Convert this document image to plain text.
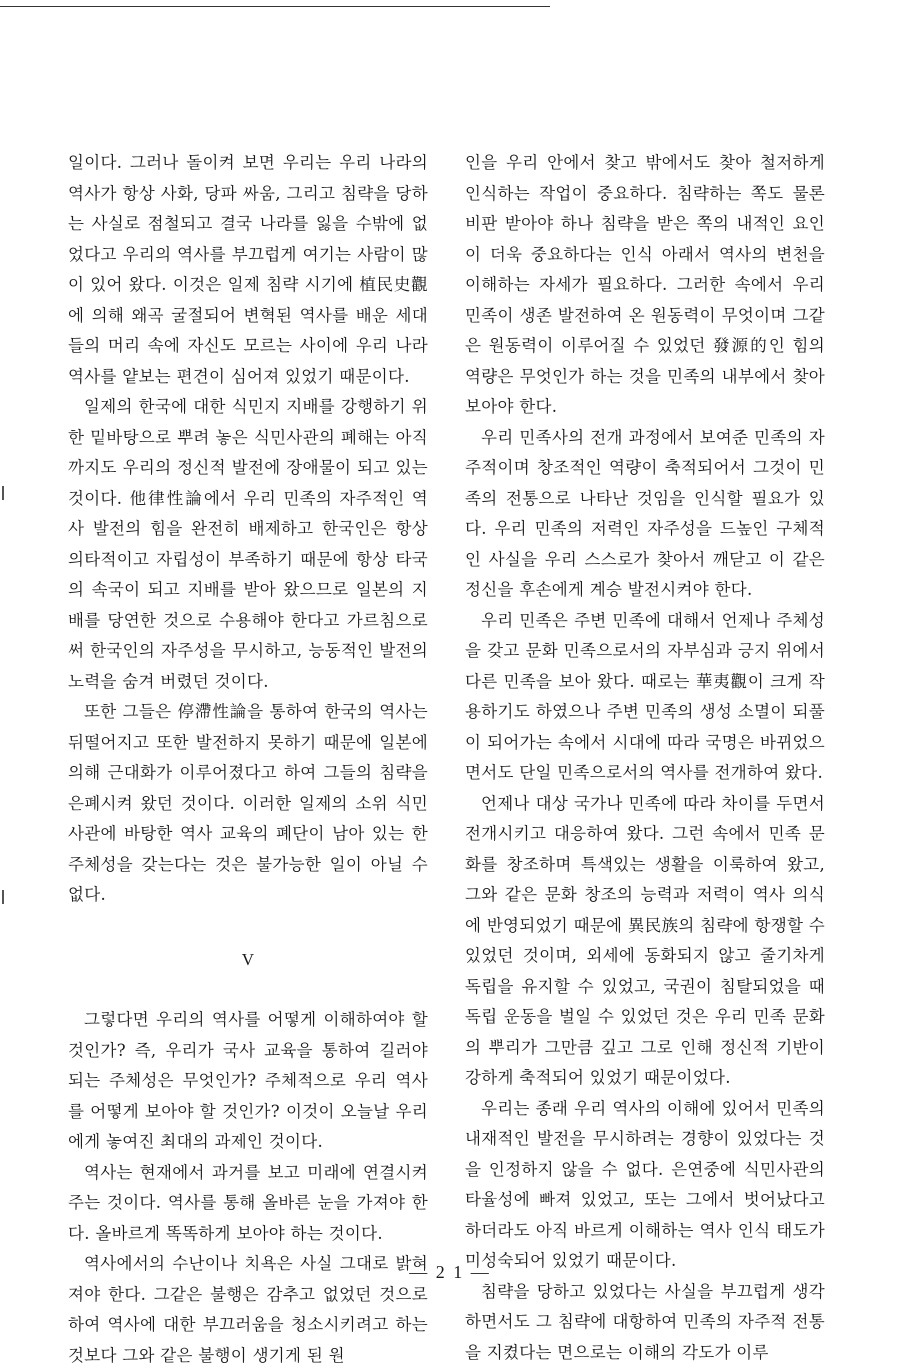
일이다. 그러나 돌이켜 보면 우리는 우리 나라의 역사가 항상 사화, 당파 싸움, 그리고 침략을 당하는 사실로 점철되고 결국 나라를 잃을 수밖에 없었다고 우리의 역사를 부끄럽게 여기는 사람이 많이 있어 왔다. 이것은 일제 침략 시기에 植民史觀에 의해 왜곡 굴절되어 변혁된 역사를 배운 세대들의 머리 속에 자신도 모르는 사이에 우리 나라 역사를 얕보는 편견이 심어져 있었기 때문이다.

일제의 한국에 대한 식민지 지배를 강행하기 위한 밑바탕으로 뿌려 놓은 식민사관의 폐해는 아직까지도 우리의 정신적 발전에 장애물이 되고 있는 것이다. 他律性論에서 우리 민족의 자주적인 역사 발전의 힘을 완전히 배제하고 한국인은 항상 의타적이고 자립성이 부족하기 때문에 항상 타국의 속국이 되고 지배를 받아 왔으므로 일본의 지배를 당연한 것으로 수용해야 한다고 가르침으로써 한국인의 자주성을 무시하고, 능동적인 발전의 노력을 숨겨 버렸던 것이다.

또한 그들은 停滯性論을 통하여 한국의 역사는 뒤떨어지고 또한 발전하지 못하기 때문에 일본에 의해 근대화가 이루어졌다고 하여 그들의 침략을 은폐시켜 왔던 것이다. 이러한 일제의 소위 식민사관에 바탕한 역사 교육의 폐단이 남아 있는 한 주체성을 갖는다는 것은 불가능한 일이 아닐 수 없다.

V

그렇다면 우리의 역사를 어떻게 이해하여야 할 것인가? 즉, 우리가 국사 교육을 통하여 길러야 되는 주체성은 무엇인가? 주체적으로 우리 역사를 어떻게 보아야 할 것인가? 이것이 오늘날 우리에게 놓여진 최대의 과제인 것이다.

역사는 현재에서 과거를 보고 미래에 연결시켜 주는 것이다. 역사를 통해 올바른 눈을 가져야 한다. 올바르게 똑똑하게 보아야 하는 것이다.

역사에서의 수난이나 치욕은 사실 그대로 밝혀져야 한다. 그같은 불행은 감추고 없었던 것으로 하여 역사에 대한 부끄러움을 청소시키려고 하는 것보다 그와 같은 불행이 생기게 된 원

인을 우리 안에서 찾고 밖에서도 찾아 철저하게 인식하는 작업이 중요하다. 침략하는 쪽도 물론 비판 받아야 하나 침략을 받은 쪽의 내적인 요인이 더욱 중요하다는 인식 아래서 역사의 변천을 이해하는 자세가 필요하다. 그러한 속에서 우리 민족이 생존 발전하여 온 원동력이 무엇이며 그같은 원동력이 이루어질 수 있었던 發源的인 힘의 역량은 무엇인가 하는 것을 민족의 내부에서 찾아 보아야 한다.

우리 민족사의 전개 과정에서 보여준 민족의 자주적이며 창조적인 역량이 축적되어서 그것이 민족의 전통으로 나타난 것임을 인식할 필요가 있다. 우리 민족의 저력인 자주성을 드높인 구체적인 사실을 우리 스스로가 찾아서 깨닫고 이 같은 정신을 후손에게 계승 발전시켜야 한다.

우리 민족은 주변 민족에 대해서 언제나 주체성을 갖고 문화 민족으로서의 자부심과 긍지 위에서 다른 민족을 보아 왔다. 때로는 華夷觀이 크게 작용하기도 하였으나 주변 민족의 생성 소멸이 되풀이 되어가는 속에서 시대에 따라 국명은 바뀌었으면서도 단일 민족으로서의 역사를 전개하여 왔다.

언제나 대상 국가나 민족에 따라 차이를 두면서 전개시키고 대응하여 왔다. 그런 속에서 민족 문화를 창조하며 특색있는 생활을 이룩하여 왔고, 그와 같은 문화 창조의 능력과 저력이 역사 의식에 반영되었기 때문에 異民族의 침략에 항쟁할 수 있었던 것이며, 외세에 동화되지 않고 줄기차게 독립을 유지할 수 있었고, 국권이 침탈되었을 때 독립 운동을 벌일 수 있었던 것은 우리 민족 문화의 뿌리가 그만큼 깊고 그로 인해 정신적 기반이 강하게 축적되어 있었기 때문이었다.

우리는 종래 우리 역사의 이해에 있어서 민족의 내재적인 발전을 무시하려는 경향이 있었다는 것을 인정하지 않을 수 없다. 은연중에 식민사관의 타율성에 빠져 있었고, 또는 그에서 벗어났다고 하더라도 아직 바르게 이해하는 역사 인식 태도가 미성숙되어 있었기 때문이다.

침략을 당하고 있었다는 사실을 부끄럽게 생각하면서도 그 침략에 대항하여 민족의 자주적 전통을 지켰다는 면으로는 이해의 각도가 이루

— 2 1 —
